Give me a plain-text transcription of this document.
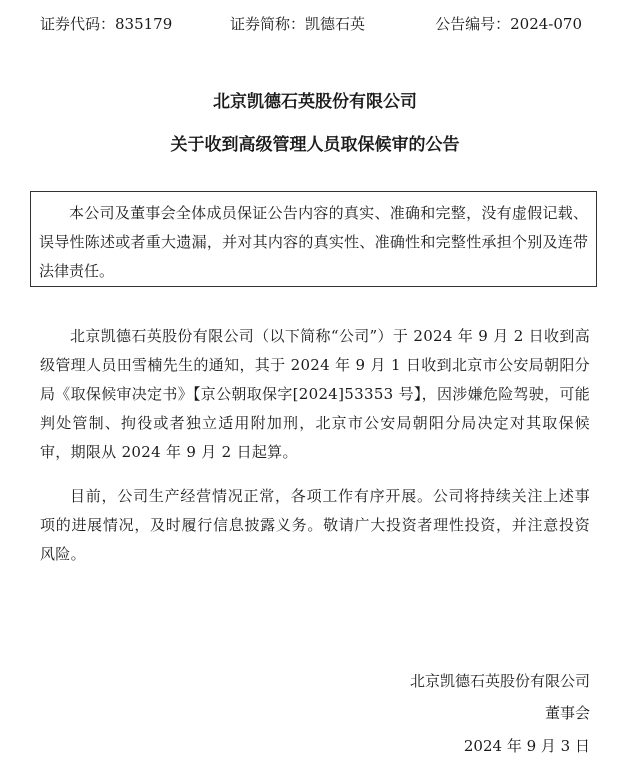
证券代码：835179	证券简称：凯德石英	公告编号：2024-070
北京凯德石英股份有限公司
关于收到高级管理人员取保候审的公告

本公司及董事会全体成员保证公告内容的真实、准确和完整，没有虚假记载、误导性陈述或者重大遗漏，并对其内容的真实性、准确性和完整性承担个别及连带法律责任。

北京凯德石英股份有限公司（以下简称“公司”）于 2024 年 9 月 2 日收到高级管理人员田雪楠先生的通知，其于 2024 年 9 月 1 日收到北京市公安局朝阳分局《取保候审决定书》【京公朝取保字[2024]53353 号】，因涉嫌危险驾驶，可能判处管制、拘役或者独立适用附加刑，北京市公安局朝阳分局决定对其取保候审，期限从 2024 年 9 月 2 日起算。

目前，公司生产经营情况正常，各项工作有序开展。公司将持续关注上述事项的进展情况，及时履行信息披露义务。敬请广大投资者理性投资，并注意投资风险。

北京凯德石英股份有限公司
董事会
2024 年 9 月 3 日
